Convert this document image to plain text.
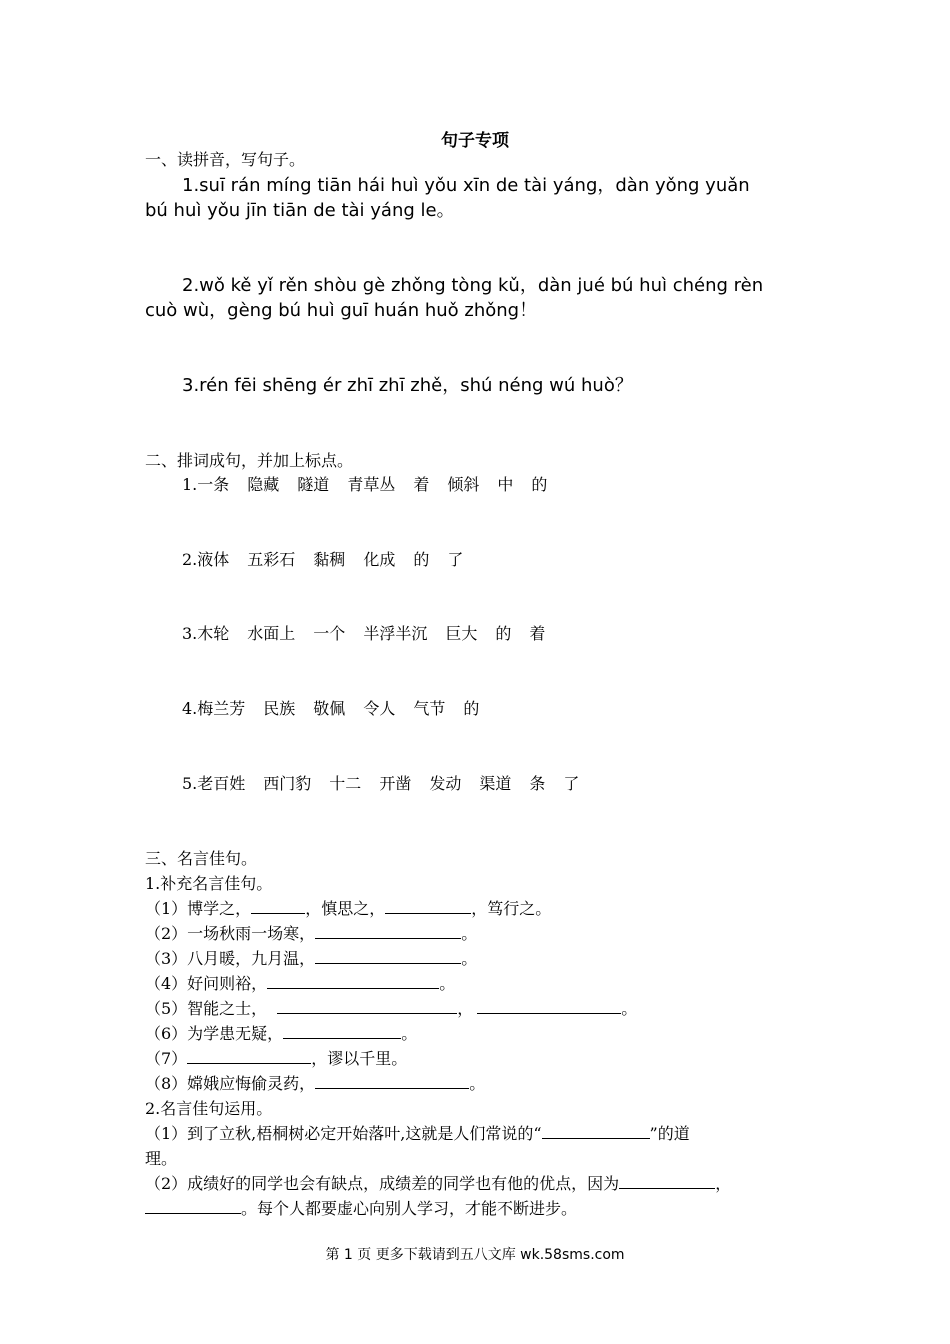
句子专项
一、读拼音，写句子。
1.suī rán míng tiān hái huì yǒu xīn de tài yáng，dàn yǒng yuǎn
bú huì yǒu jīn tiān de tài yáng le。
2.wǒ kě yǐ rěn shòu gè zhǒng tòng kǔ，dàn jué bú huì chéng rèn
cuò wù，gèng bú huì guī huán huǒ zhǒng！
3.rén fēi shēng ér zhī zhī zhě，shú néng wú huò？
二、排词成句，并加上标点。
1.一条 隐藏 隧道 青草丛 着 倾斜 中 的
2.液体 五彩石 黏稠 化成 的 了
3.木轮 水面上 一个 半浮半沉 巨大 的 着
4.梅兰芳 民族 敬佩 令人 气节 的
5.老百姓 西门豹 十二 开凿 发动 渠道 条 了
三、名言佳句。
1.补充名言佳句。
（1）博学之，	，慎思之，	，笃行之。
（2）一场秋雨一场寒，	。
（3）八月暖，九月温，	。
（4）好问则裕，	。
（5）智能之士，	，	。
（6）为学患无疑，	。
（7）	，谬以千里。
（8）嫦娥应悔偷灵药，	。
2.名言佳句运用。
（1）到了立秋,梧桐树必定开始落叶,这就是人们常说的“	”的道
理。
（2）成绩好的同学也会有缺点，成绩差的同学也有他的优点，因为	，
。每个人都要虚心向别人学习，才能不断进步。
第 1 页 更多下载请到五八文库 wk.58sms.com
